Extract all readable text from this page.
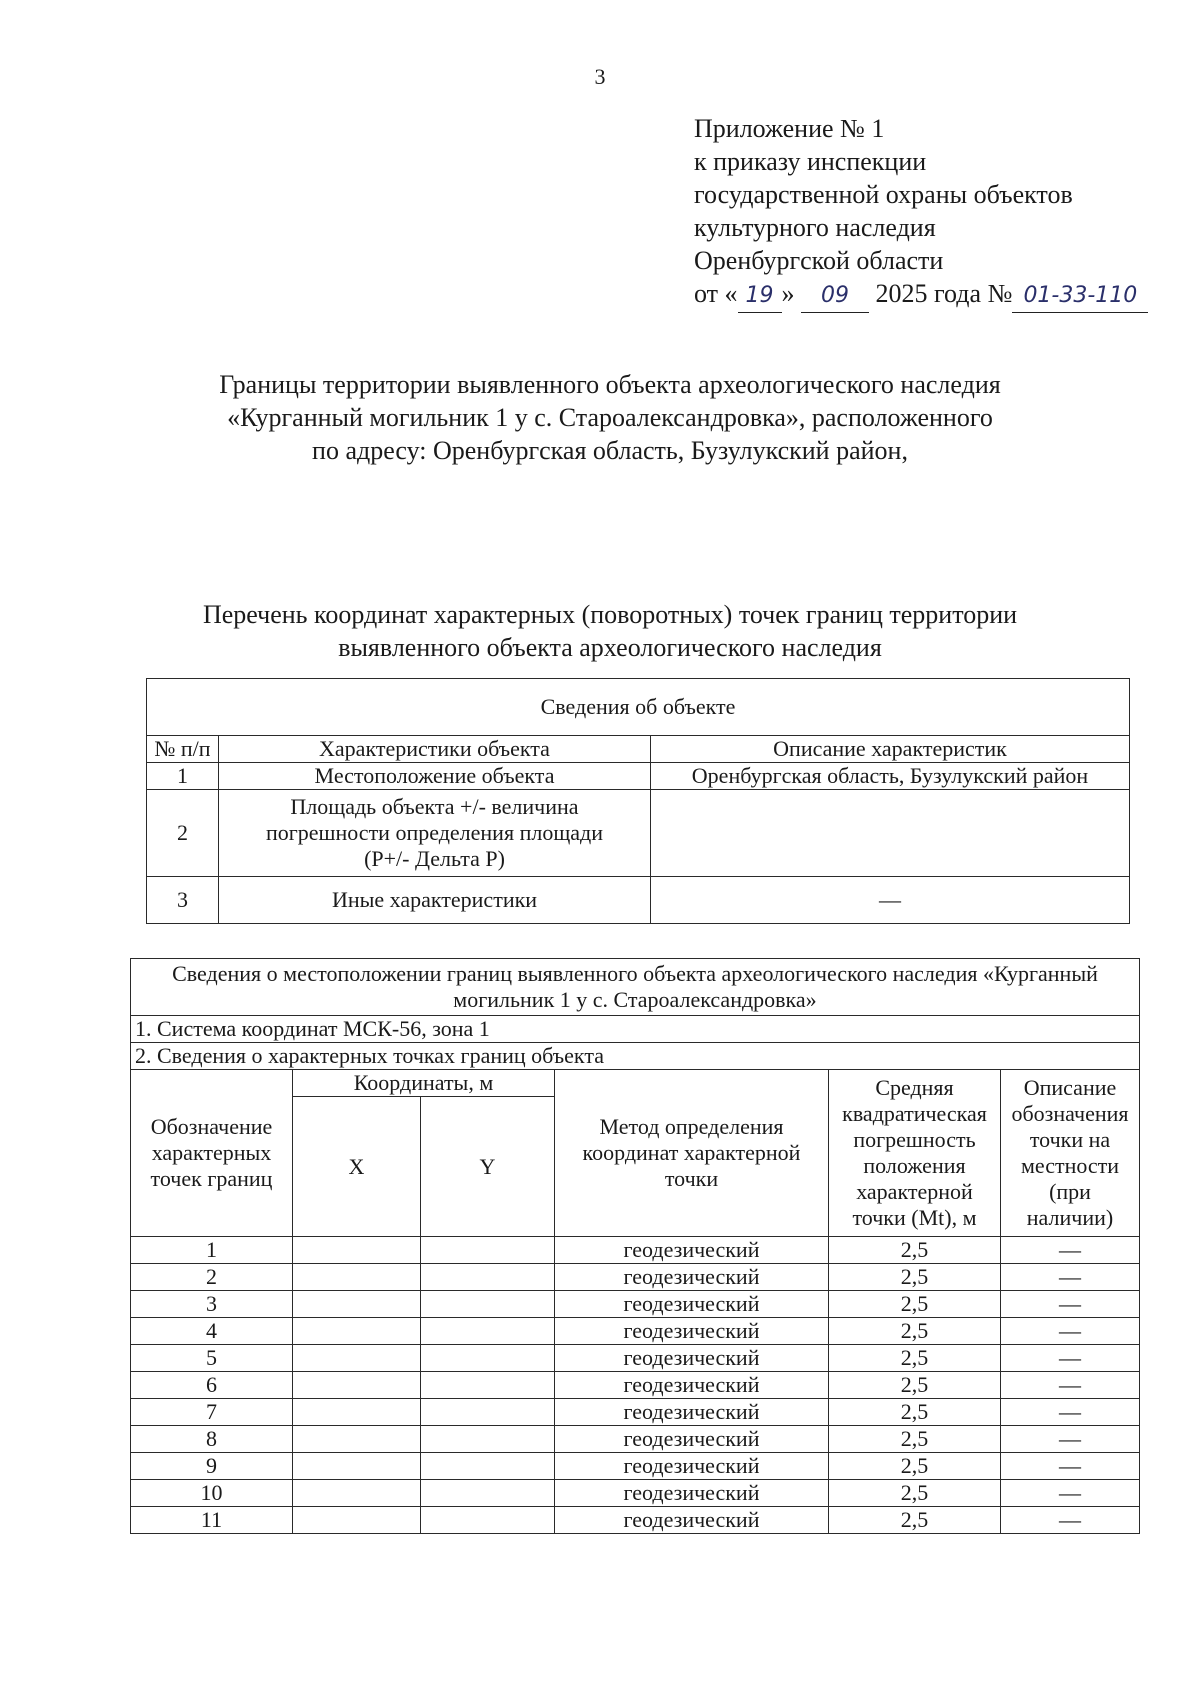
3
Приложение № 1
к приказу инспекции
государственной охраны объектов
культурного наследия
Оренбургской области
от « 19 » 09 2025 года № 01-33-110
Границы территории выявленного объекта археологического наследия
«Курганный могильник 1 у с. Староалександровка», расположенного
по адресу: Оренбургская область, Бузулукский район,
Перечень координат характерных (поворотных) точек границ территории
выявленного объекта археологического наследия
Сведения об объекте		
№ п/п	Характеристики объекта	Описание характеристик
1	Местоположение объекта	Оренбургская область, Бузулукский район
2	Площадь объекта +/- величина погрешности определения площади (Р+/- Дельта Р)	
3	Иные характеристики	—
Сведения о местоположении границ выявленного объекта археологического наследия «Курганный могильник 1 у с. Староалександровка»					
1. Система координат МСК-56, зона 1					
2. Сведения о характерных точках границ объекта					
Обозначение характерных точек границ	Координаты, м		Метод определения координат характерной точки	Средняя квадратическая погрешность положения характерной точки (Mt), м	Описание обозначения точки на местности (при наличии)
	X	Y			
1			геодезический	2,5	—
2			геодезический	2,5	—
3			геодезический	2,5	—
4			геодезический	2,5	—
5			геодезический	2,5	—
6			геодезический	2,5	—
7			геодезический	2,5	—
8			геодезический	2,5	—
9			геодезический	2,5	—
10			геодезический	2,5	—
11			геодезический	2,5	—
